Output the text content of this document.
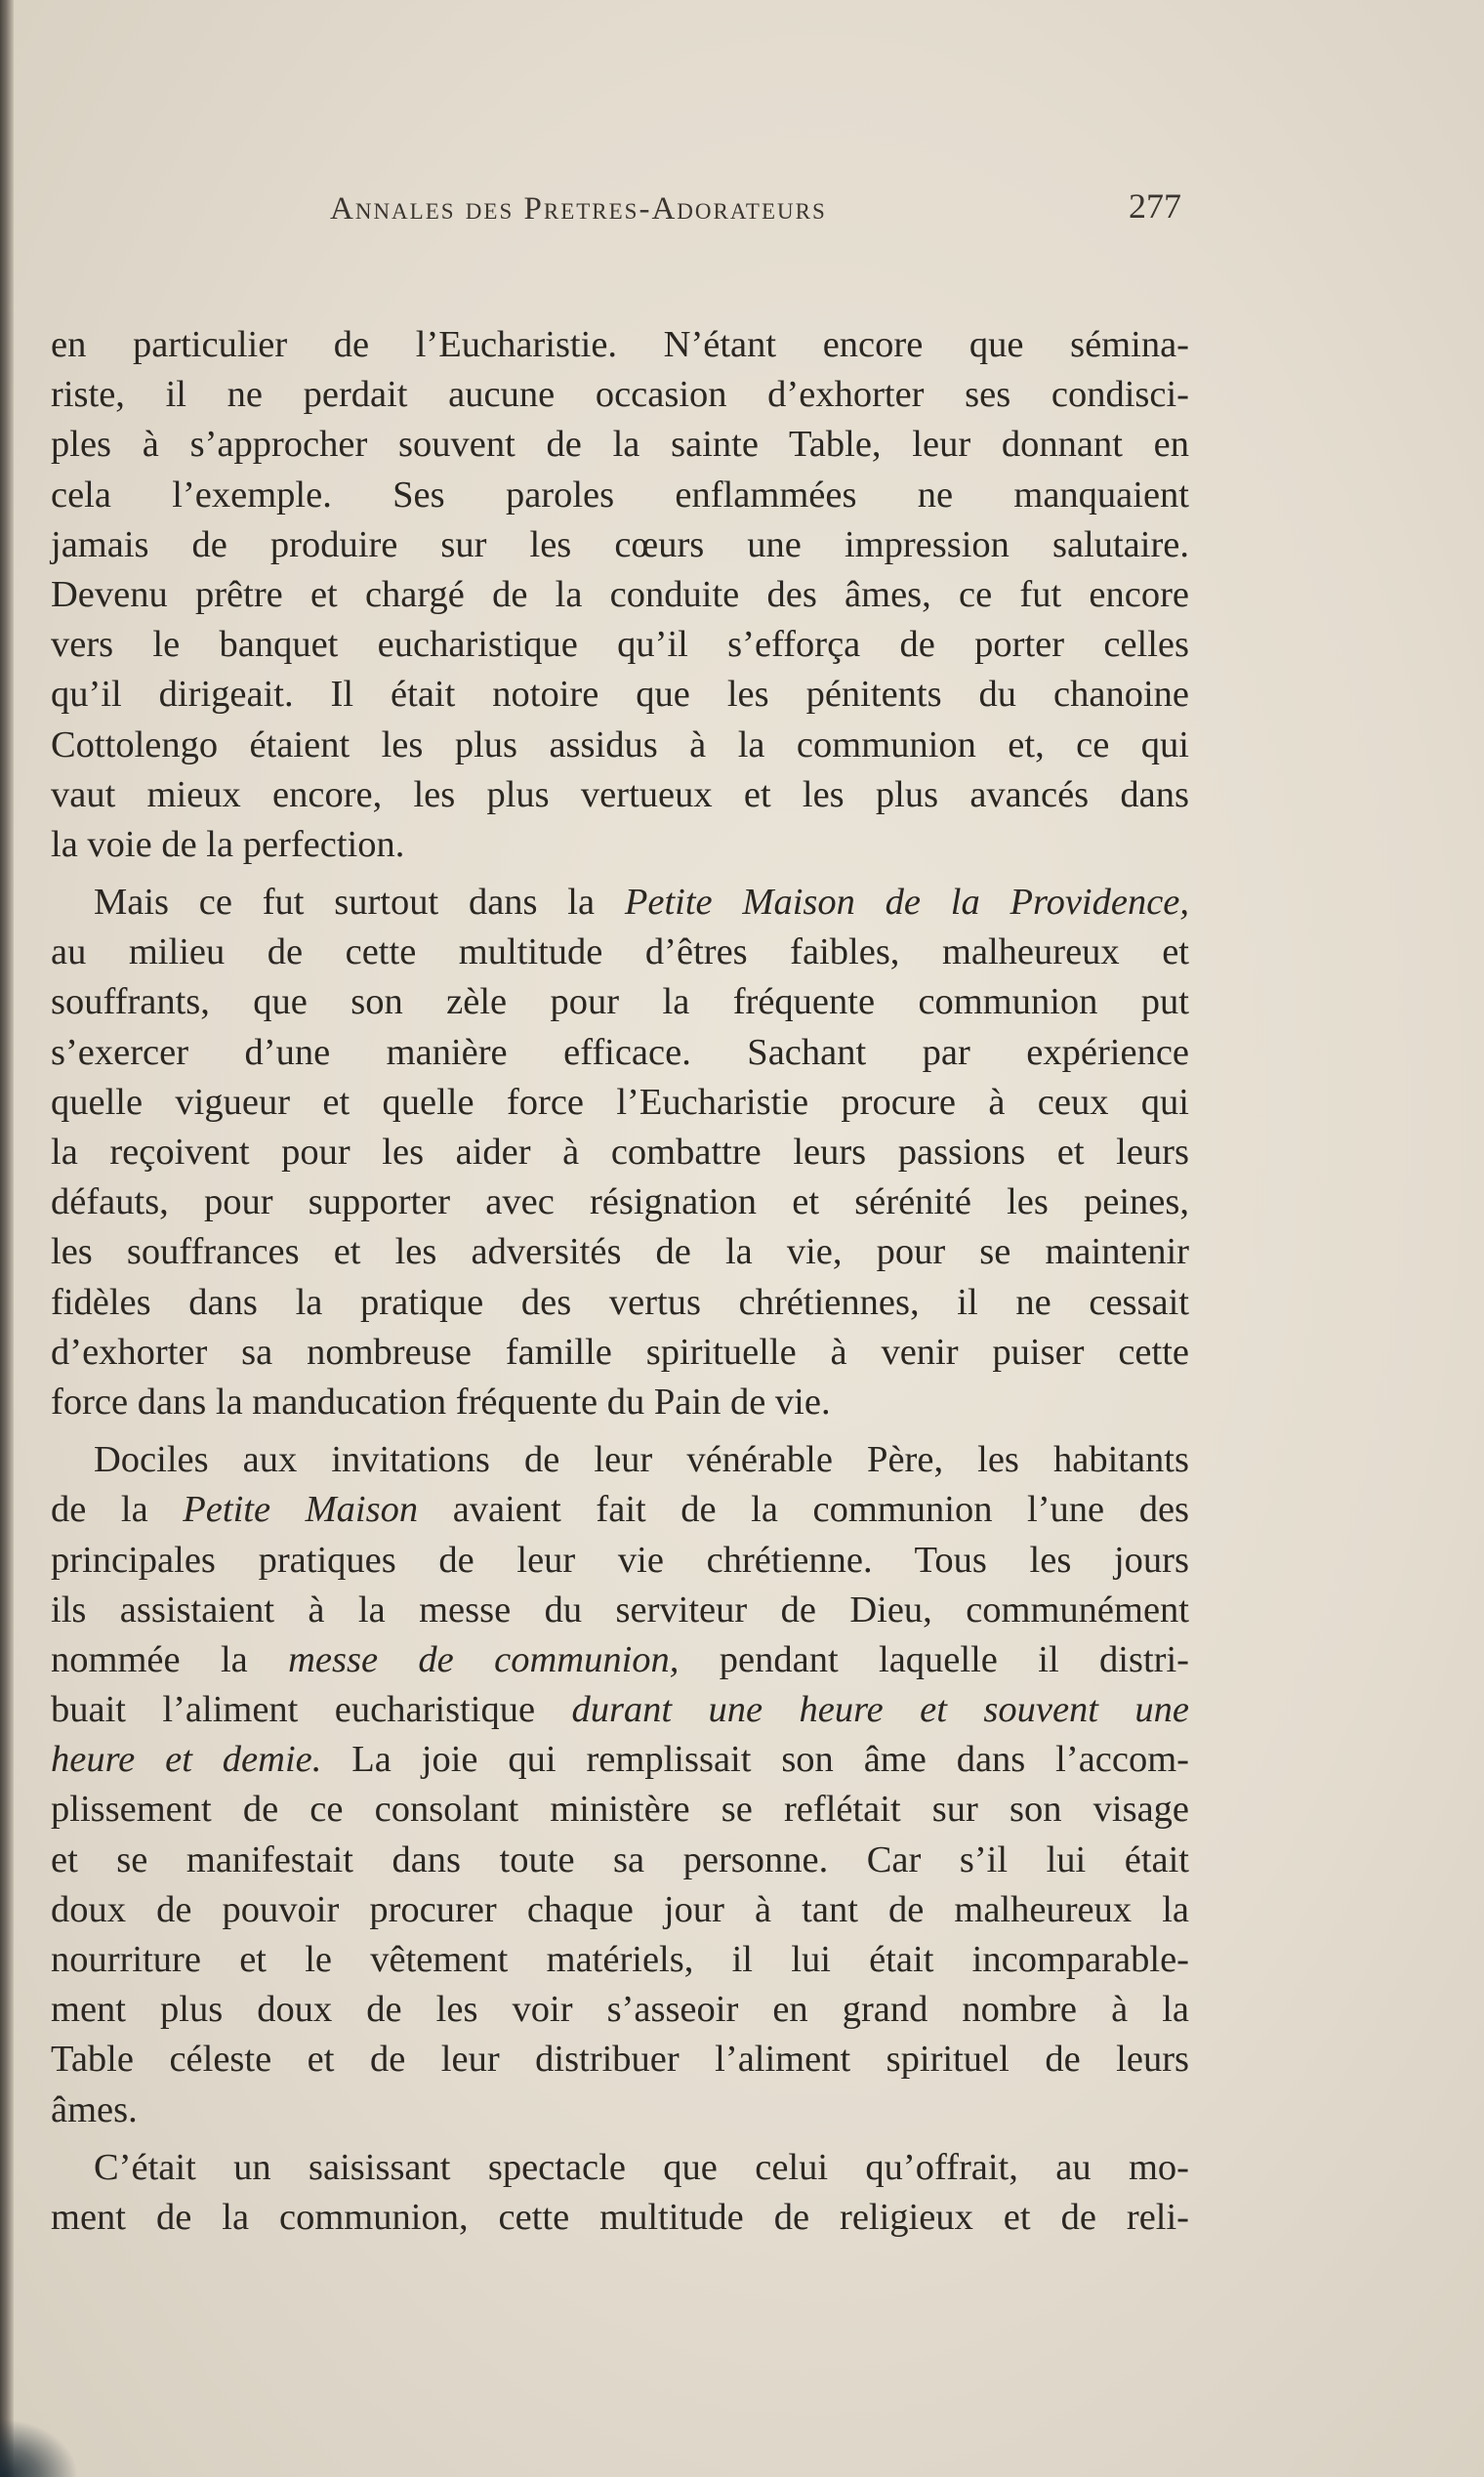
Annales des Pretres-Adorateurs	277
en particulier de l’Eucharistie. N’étant encore que sémina-
riste, il ne perdait aucune occasion d’exhorter ses condisci-
ples à s’approcher souvent de la sainte Table, leur donnant en
cela l’exemple. Ses paroles enflammées ne manquaient
jamais de produire sur les cœurs une impression salutaire.
Devenu prêtre et chargé de la conduite des âmes, ce fut encore
vers le banquet eucharistique qu’il s’efforça de porter celles
qu’il dirigeait. Il était notoire que les pénitents du chanoine
Cottolengo étaient les plus assidus à la communion et, ce qui
vaut mieux encore, les plus vertueux et les plus avancés dans
la voie de la perfection.
Mais ce fut surtout dans la Petite Maison de la Providence,
au milieu de cette multitude d’êtres faibles, malheureux et
souffrants, que son zèle pour la fréquente communion put
s’exercer d’une manière efficace. Sachant par expérience
quelle vigueur et quelle force l’Eucharistie procure à ceux qui
la reçoivent pour les aider à combattre leurs passions et leurs
défauts, pour supporter avec résignation et sérénité les peines,
les souffrances et les adversités de la vie, pour se maintenir
fidèles dans la pratique des vertus chrétiennes, il ne cessait
d’exhorter sa nombreuse famille spirituelle à venir puiser cette
force dans la manducation fréquente du Pain de vie.
Dociles aux invitations de leur vénérable Père, les habitants
de la Petite Maison avaient fait de la communion l’une des
principales pratiques de leur vie chrétienne. Tous les jours
ils assistaient à la messe du serviteur de Dieu, communément
nommée la messe de communion, pendant laquelle il distri-
buait l’aliment eucharistique durant une heure et souvent une
heure et demie. La joie qui remplissait son âme dans l’accom-
plissement de ce consolant ministère se reflétait sur son visage
et se manifestait dans toute sa personne. Car s’il lui était
doux de pouvoir procurer chaque jour à tant de malheureux la
nourriture et le vêtement matériels, il lui était incomparable-
ment plus doux de les voir s’asseoir en grand nombre à la
Table céleste et de leur distribuer l’aliment spirituel de leurs
âmes.
C’était un saisissant spectacle que celui qu’offrait, au mo-
ment de la communion, cette multitude de religieux et de reli-
